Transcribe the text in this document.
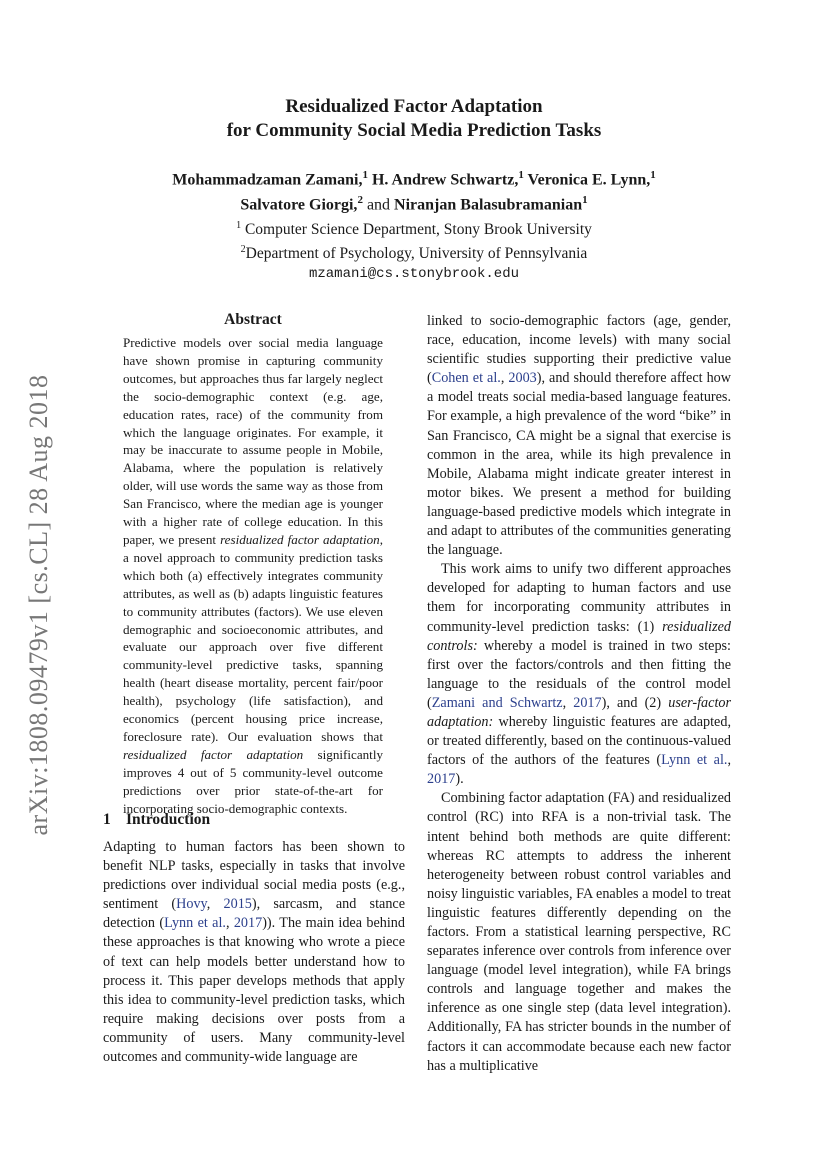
arXiv:1808.09479v1 [cs.CL] 28 Aug 2018
Residualized Factor Adaptation
for Community Social Media Prediction Tasks
Mohammadzaman Zamani,$^1$ H. Andrew Schwartz,$^1$ Veronica E. Lynn,$^1$
Salvatore Giorgi,$^2$ and Niranjan Balasubramanian$^1$
$^1$ Computer Science Department, Stony Brook University
$^2$Department of Psychology, University of Pennsylvania
mzamani@cs.stonybrook.edu
Abstract

Predictive models over social media language have shown promise in capturing community outcomes, but approaches thus far largely neglect the socio-demographic context (e.g. age, education rates, race) of the community from which the language originates. For example, it may be inaccurate to assume people in Mobile, Alabama, where the population is relatively older, will use words the same way as those from San Francisco, where the median age is younger with a higher rate of college education. In this paper, we present residualized factor adaptation, a novel approach to community prediction tasks which both (a) effectively integrates community attributes, as well as (b) adapts linguistic features to community attributes (factors). We use eleven demographic and socioeconomic attributes, and evaluate our approach over five different community-level predictive tasks, spanning health (heart disease mortality, percent fair/poor health), psychology (life satisfaction), and economics (percent housing price increase, foreclosure rate). Our evaluation shows that residualized factor adaptation significantly improves 4 out of 5 community-level outcome predictions over prior state-of-the-art for incorporating socio-demographic contexts.

1 Introduction
Adapting to human factors has been shown to benefit NLP tasks, especially in tasks that involve predictions over individual social media posts (e.g., sentiment (Hovy, 2015), sarcasm, and stance detection (Lynn et al., 2017)). The main idea behind these approaches is that knowing who wrote a piece of text can help models better understand how to process it. This paper develops methods that apply this idea to community-level prediction tasks, which require making decisions over posts from a community of users. Many community-level outcomes and community-wide language are

linked to socio-demographic factors (age, gender, race, education, income levels) with many social scientific studies supporting their predictive value (Cohen et al., 2003), and should therefore affect how a model treats social media-based language features. For example, a high prevalence of the word “bike” in San Francisco, CA might be a signal that exercise is common in the area, while its high prevalence in Mobile, Alabama might indicate greater interest in motor bikes. We present a method for building language-based predictive models which integrate in and adapt to attributes of the communities generating the language.

This work aims to unify two different approaches developed for adapting to human factors and use them for incorporating community attributes in community-level prediction tasks: (1) residualized controls: whereby a model is trained in two steps: first over the factors/controls and then fitting the language to the residuals of the control model (Zamani and Schwartz, 2017), and (2) user-factor adaptation: whereby linguistic features are adapted, or treated differently, based on the continuous-valued factors of the authors of the features (Lynn et al., 2017).

Combining factor adaptation (FA) and residualized control (RC) into RFA is a non-trivial task. The intent behind both methods are quite different: whereas RC attempts to address the inherent heterogeneity between robust control variables and noisy linguistic variables, FA enables a model to treat linguistic features differently depending on the factors. From a statistical learning perspective, RC separates inference over controls from inference over language (model level integration), while FA brings controls and language together and makes the inference as one single step (data level integration). Additionally, FA has stricter bounds in the number of factors it can accommodate because each new factor has a multiplicative
